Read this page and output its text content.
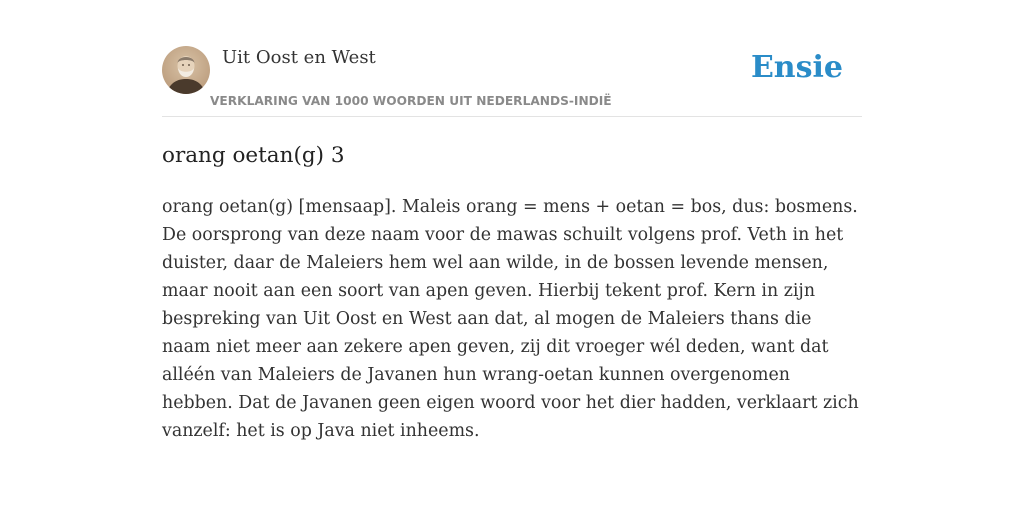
Uit Oost en West
VERKLARING VAN 1000 WOORDEN UIT NEDERLANDS-INDIË
Ensie
orang oetan(g) 3

orang oetan(g) [mensaap]. Maleis orang = mens + oetan = bos, dus: bosmens. De oorsprong van deze naam voor de mawas schuilt volgens prof. Veth in het duister, daar de Maleiers hem wel aan wilde, in de bossen levende mensen, maar nooit aan een soort van apen geven. Hierbij tekent prof. Kern in zijn bespreking van Uit Oost en West aan dat, al mogen de Maleiers thans die naam niet meer aan zekere apen geven, zij dit vroeger wél deden, want dat alléén van Maleiers de Javanen hun wrang-oetan kunnen overgenomen hebben. Dat de Javanen geen eigen woord voor het dier hadden, verklaart zich vanzelf: het is op Java niet inheems.
